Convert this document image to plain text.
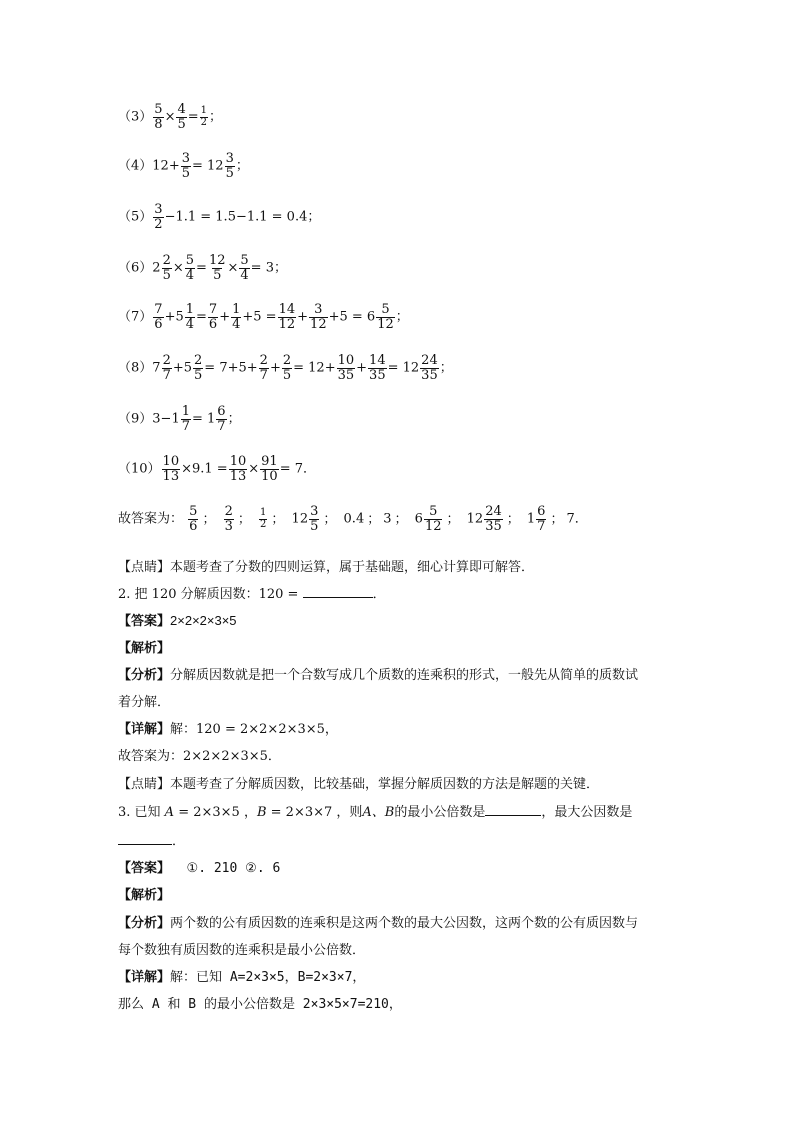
$(3) \frac{5}{8} \times \frac{4}{5} = \frac{1}{2}$ ；
$(4)12+ \frac{3}{5} = 12 \frac{3}{5}$ ；
$(5) \frac{3}{2} -1.1 = 1.5-1.1 = 0.4$；
$(6)2 \frac{2}{5} \times \frac{5}{4} = \frac{12}{5} \times \frac{5}{4} = 3$；
$(7) \frac{7}{6} +5 \frac{1}{4} = \frac{7}{6} + \frac{1}{4} +5 = \frac{14}{12} + \frac{3}{12} +5 = 6 \frac{5}{12}$ ；
$(8)7 \frac{2}{7} +5 \frac{2}{5} = 7+5+ \frac{2}{7} + \frac{2}{5} = 12+ \frac{10}{35} + \frac{14}{35} = 12 \frac{24}{35}$ ；
$(9)3-1 \frac{1}{7} = 1 \frac{6}{7}$ ；
$(10) \frac{10}{13} \times 9.1 = \frac{10}{13} \times \frac{91}{10} = 7$．
故答案为： $\frac{5}{6}$ ； $\frac{2}{3}$ ； $\frac{1}{2}$ ； $12 \frac{3}{5}$ ； 0.4 ； 3 ； $6 \frac{5}{12}$ ； $12 \frac{24}{35}$ ； $1 \frac{6}{7}$ ； 7．
【点睛】本题考查了分数的四则运算，属于基础题，细心计算即可解答．
2. 把 120 分解质因数：120 =	．
【答案】2×2×2×3×5
【解析】
【分析】分解质因数就是把一个合数写成几个质数的连乘积的形式，一般先从简单的质数试
着分解．
【详解】解：120 = 2×2×2×3×5，
故答案为：2×2×2×3×5．
【点睛】本题考查了分解质因数，比较基础，掌握分解质因数的方法是解题的关键．
3. 已知 A = 2×3×5 ，B = 2×3×7 ，则A、B的最小公倍数是	，最大公因数是
．
【答案】 ①. 210 ②. 6
【解析】
【分析】两个数的公有质因数的连乘积是这两个数的最大公因数，这两个数的公有质因数与
每个数独有质因数的连乘积是最小公倍数．
【详解】解：已知 A=2×3×5，B=2×3×7，
那么 A 和 B 的最小公倍数是 2×3×5×7=210，
